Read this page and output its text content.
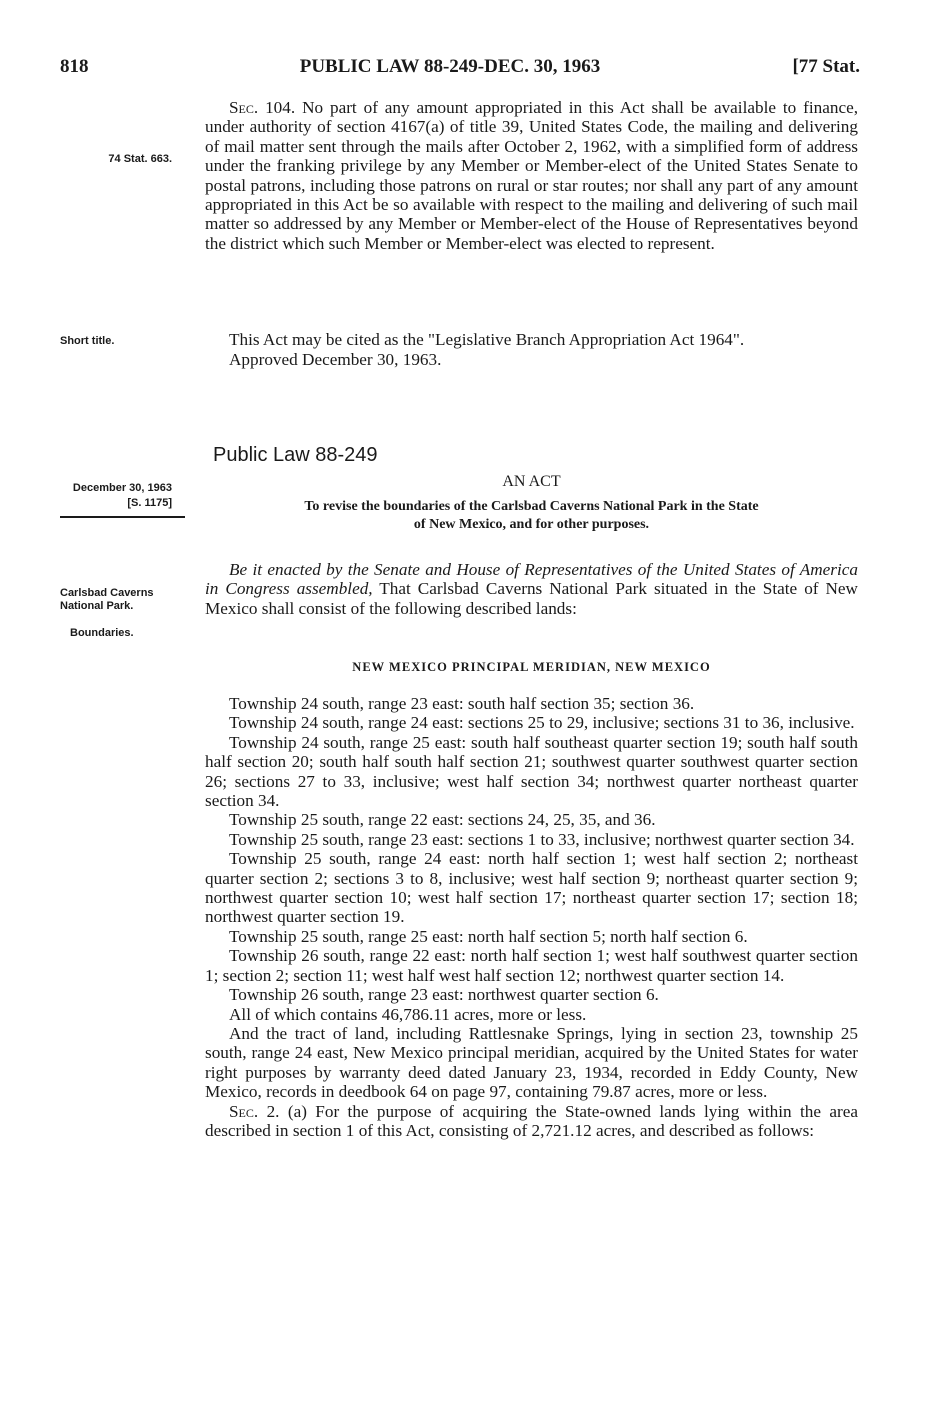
818	PUBLIC LAW 88-249-DEC. 30, 1963	[77 Stat.

Sec. 104. No part of any amount appropriated in this Act shall be available to finance, under authority of section 4167(a) of title 39, United States Code, the mailing and delivering of mail matter sent through the mails after October 2, 1962, with a simplified form of address under the franking privilege by any Member or Member-elect of the United States Senate to postal patrons, including those patrons on rural or star routes; nor shall any part of any amount appropriated in this Act be so available with respect to the mailing and delivering of such mail matter so addressed by any Member or Member-elect of the House of Representatives beyond the district which such Member or Member-elect was elected to represent.

74 Stat. 663.

This Act may be cited as the "Legislative Branch Appropriation Act 1964".

Approved December 30, 1963.

Short title.
Public Law 88-249
December 30, 1963
[S. 1175]
AN ACT
To revise the boundaries of the Carlsbad Caverns National Park in the State
of New Mexico, and for other purposes.

Be it enacted by the Senate and House of Representatives of the United States of America in Congress assembled, That Carlsbad Caverns National Park situated in the State of New Mexico shall consist of the following described lands:

Carlsbad Caverns National Park.
Boundaries.
NEW MEXICO PRINCIPAL MERIDIAN, NEW MEXICO

Township 24 south, range 23 east: south half section 35; section 36.

Township 24 south, range 24 east: sections 25 to 29, inclusive; sections 31 to 36, inclusive.

Township 24 south, range 25 east: south half southeast quarter section 19; south half south half section 20; south half south half section 21; southwest quarter southwest quarter section 26; sections 27 to 33, inclusive; west half section 34; northwest quarter northeast quarter section 34.

Township 25 south, range 22 east: sections 24, 25, 35, and 36.

Township 25 south, range 23 east: sections 1 to 33, inclusive; northwest quarter section 34.

Township 25 south, range 24 east: north half section 1; west half section 2; northeast quarter section 2; sections 3 to 8, inclusive; west half section 9; northeast quarter section 9; northwest quarter section 10; west half section 17; northeast quarter section 17; section 18; northwest quarter section 19.

Township 25 south, range 25 east: north half section 5; north half section 6.

Township 26 south, range 22 east: north half section 1; west half southwest quarter section 1; section 2; section 11; west half west half section 12; northwest quarter section 14.

Township 26 south, range 23 east: northwest quarter section 6.

All of which contains 46,786.11 acres, more or less.

And the tract of land, including Rattlesnake Springs, lying in section 23, township 25 south, range 24 east, New Mexico principal meridian, acquired by the United States for water right purposes by warranty deed dated January 23, 1934, recorded in Eddy County, New Mexico, records in deedbook 64 on page 97, containing 79.87 acres, more or less.

Sec. 2. (a) For the purpose of acquiring the State-owned lands lying within the area described in section 1 of this Act, consisting of 2,721.12 acres, and described as follows:
